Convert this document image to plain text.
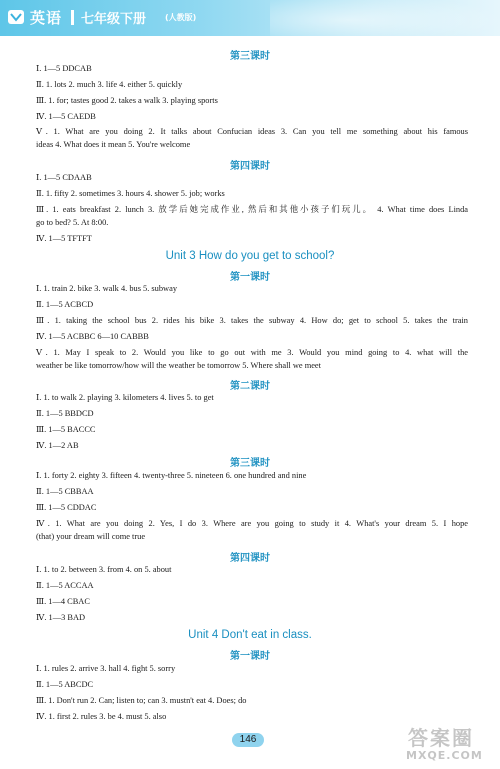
英语 七年级下册 (人教版)
第三课时
Ⅰ. 1—5 DDCAB
Ⅱ. 1. lots 2. much 3. life 4. either 5. quickly
Ⅲ. 1. for; tastes good 2. takes a walk 3. playing sports
Ⅳ. 1—5 CAEDB
Ⅴ. 1. What are you doing 2. It talks about Confucian ideas 3. Can you tell me something about his famous
ideas 4. What does it mean 5. You're welcome
第四课时
Ⅰ. 1—5 CDAAB
Ⅱ. 1. fifty 2. sometimes 3. hours 4. shower 5. job; works
Ⅲ. 1. eats breakfast 2. lunch 3. 放学后她完成作业, 然后和其他小孩子们玩儿。 4. What time does Linda
go to bed? 5. At 8:00.
Ⅳ. 1—5 TFTFT
Unit 3 How do you get to school?
第一课时
Ⅰ. 1. train 2. bike 3. walk 4. bus 5. subway
Ⅱ. 1—5 ACBCD
Ⅲ. 1. taking the school bus 2. rides his bike 3. takes the subway 4. How do; get to school 5. takes the train
Ⅳ. 1—5 ACBBC 6—10 CABBB
Ⅴ. 1. May I speak to 2. Would you like to go out with me 3. Would you mind going to 4. what will the
weather be like tomorrow/how will the weather be tomorrow 5. Where shall we meet
第二课时
Ⅰ. 1. to walk 2. playing 3. kilometers 4. lives 5. to get
Ⅱ. 1—5 BBDCD
Ⅲ. 1—5 BACCC
Ⅳ. 1—2 AB
第三课时
Ⅰ. 1. forty 2. eighty 3. fifteen 4. twenty-three 5. nineteen 6. one hundred and nine
Ⅱ. 1—5 CBBAA
Ⅲ. 1—5 CDDAC
Ⅳ. 1. What are you doing 2. Yes, I do 3. Where are you going to study it 4. What's your dream 5. I hope
(that) your dream will come true
第四课时
Ⅰ. 1. to 2. between 3. from 4. on 5. about
Ⅱ. 1—5 ACCAA
Ⅲ. 1—4 CBAC
Ⅳ. 1—3 BAD
Unit 4 Don't eat in class.
第一课时
Ⅰ. 1. rules 2. arrive 3. hall 4. fight 5. sorry
Ⅱ. 1—5 ABCDC
Ⅲ. 1. Don't run 2. Can; listen to; can 3. mustn't eat 4. Does; do
Ⅳ. 1. first 2. rules 3. be 4. must 5. also
146	答案圈
MXQE.COM
